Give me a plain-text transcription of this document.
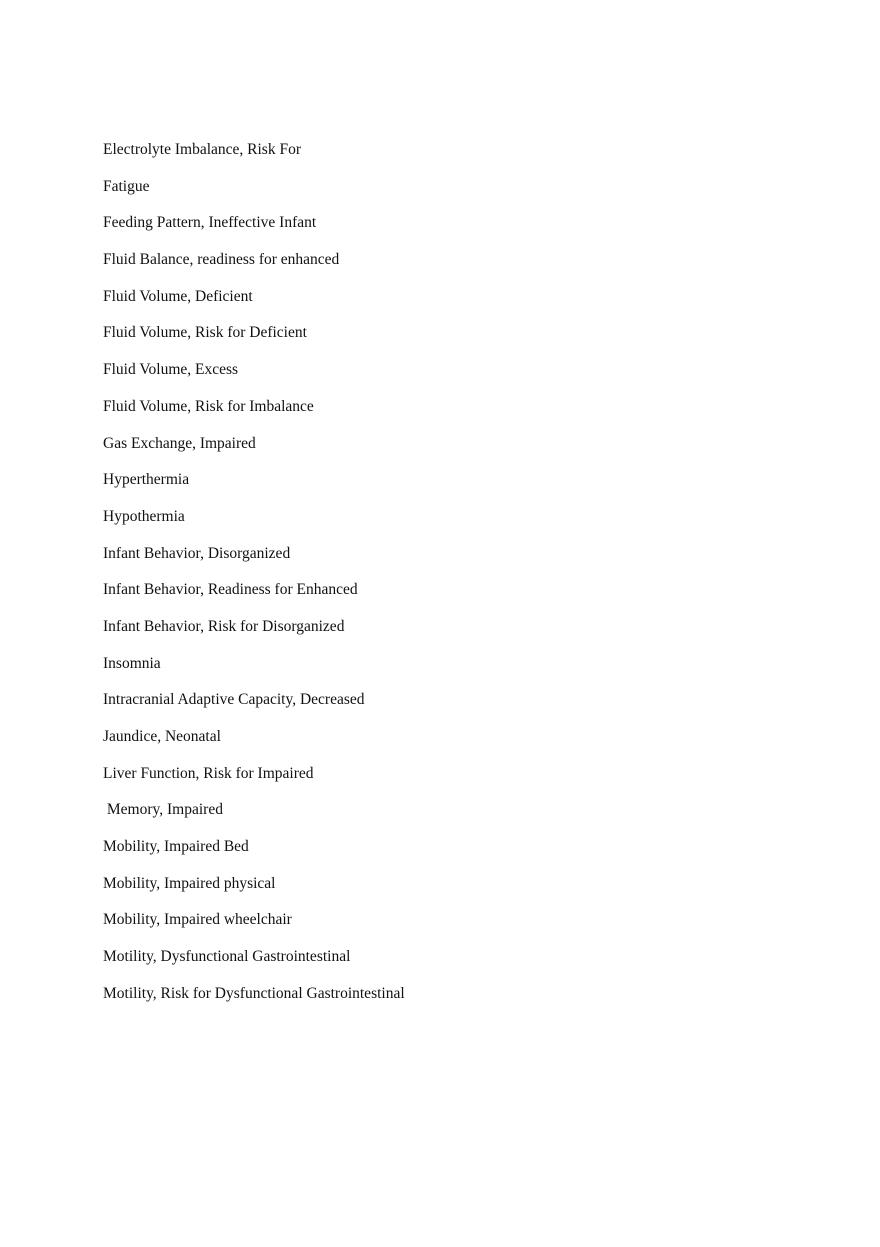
Electrolyte Imbalance, Risk For
Fatigue
Feeding Pattern, Ineffective Infant
Fluid Balance, readiness for enhanced
Fluid Volume, Deficient
Fluid Volume, Risk for Deficient
Fluid Volume, Excess
Fluid Volume, Risk for Imbalance
Gas Exchange, Impaired
Hyperthermia
Hypothermia
Infant Behavior, Disorganized
Infant Behavior, Readiness for Enhanced
Infant Behavior, Risk for Disorganized
Insomnia
Intracranial Adaptive Capacity, Decreased
Jaundice, Neonatal
Liver Function, Risk for Impaired
Memory, Impaired
Mobility, Impaired Bed
Mobility, Impaired physical
Mobility, Impaired wheelchair
Motility, Dysfunctional Gastrointestinal
Motility, Risk for Dysfunctional Gastrointestinal
